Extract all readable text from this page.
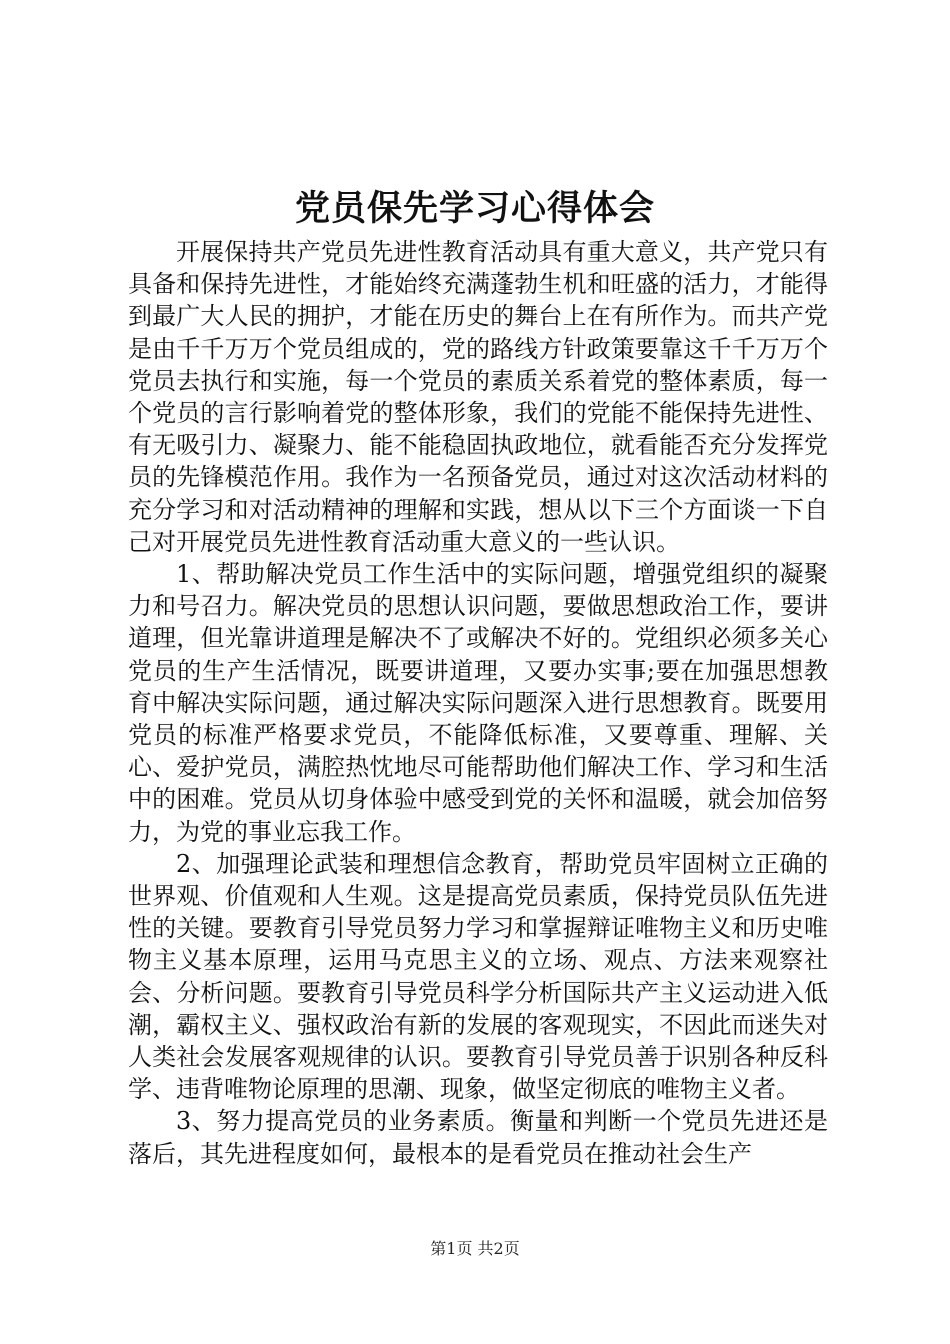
党员保先学习心得体会

开展保持共产党员先进性教育活动具有重大意义，共产党只有具备和保持先进性，才能始终充满蓬勃生机和旺盛的活力，才能得到最广大人民的拥护，才能在历史的舞台上在有所作为。而共产党是由千千万万个党员组成的，党的路线方针政策要靠这千千万万个党员去执行和实施，每一个党员的素质关系着党的整体素质，每一个党员的言行影响着党的整体形象，我们的党能不能保持先进性、有无吸引力、凝聚力、能不能稳固执政地位，就看能否充分发挥党员的先锋模范作用。我作为一名预备党员，通过对这次活动材料的充分学习和对活动精神的理解和实践，想从以下三个方面谈一下自己对开展党员先进性教育活动重大意义的一些认识。

1、帮助解决党员工作生活中的实际问题，增强党组织的凝聚力和号召力。解决党员的思想认识问题，要做思想政治工作，要讲道理，但光靠讲道理是解决不了或解决不好的。党组织必须多关心党员的生产生活情况，既要讲道理，又要办实事;要在加强思想教育中解决实际问题，通过解决实际问题深入进行思想教育。既要用党员的标准严格要求党员，不能降低标准，又要尊重、理解、关心、爱护党员，满腔热忱地尽可能帮助他们解决工作、学习和生活中的困难。党员从切身体验中感受到党的关怀和温暖，就会加倍努力，为党的事业忘我工作。

2、加强理论武装和理想信念教育，帮助党员牢固树立正确的世界观、价值观和人生观。这是提高党员素质，保持党员队伍先进性的关键。要教育引导党员努力学习和掌握辩证唯物主义和历史唯物主义基本原理，运用马克思主义的立场、观点、方法来观察社会、分析问题。要教育引导党员科学分析国际共产主义运动进入低潮，霸权主义、强权政治有新的发展的客观现实，不因此而迷失对人类社会发展客观规律的认识。要教育引导党员善于识别各种反科学、违背唯物论原理的思潮、现象，做坚定彻底的唯物主义者。

3、努力提高党员的业务素质。衡量和判断一个党员先进还是落后，其先进程度如何，最根本的是看党员在推动社会生产

第1页 共2页
